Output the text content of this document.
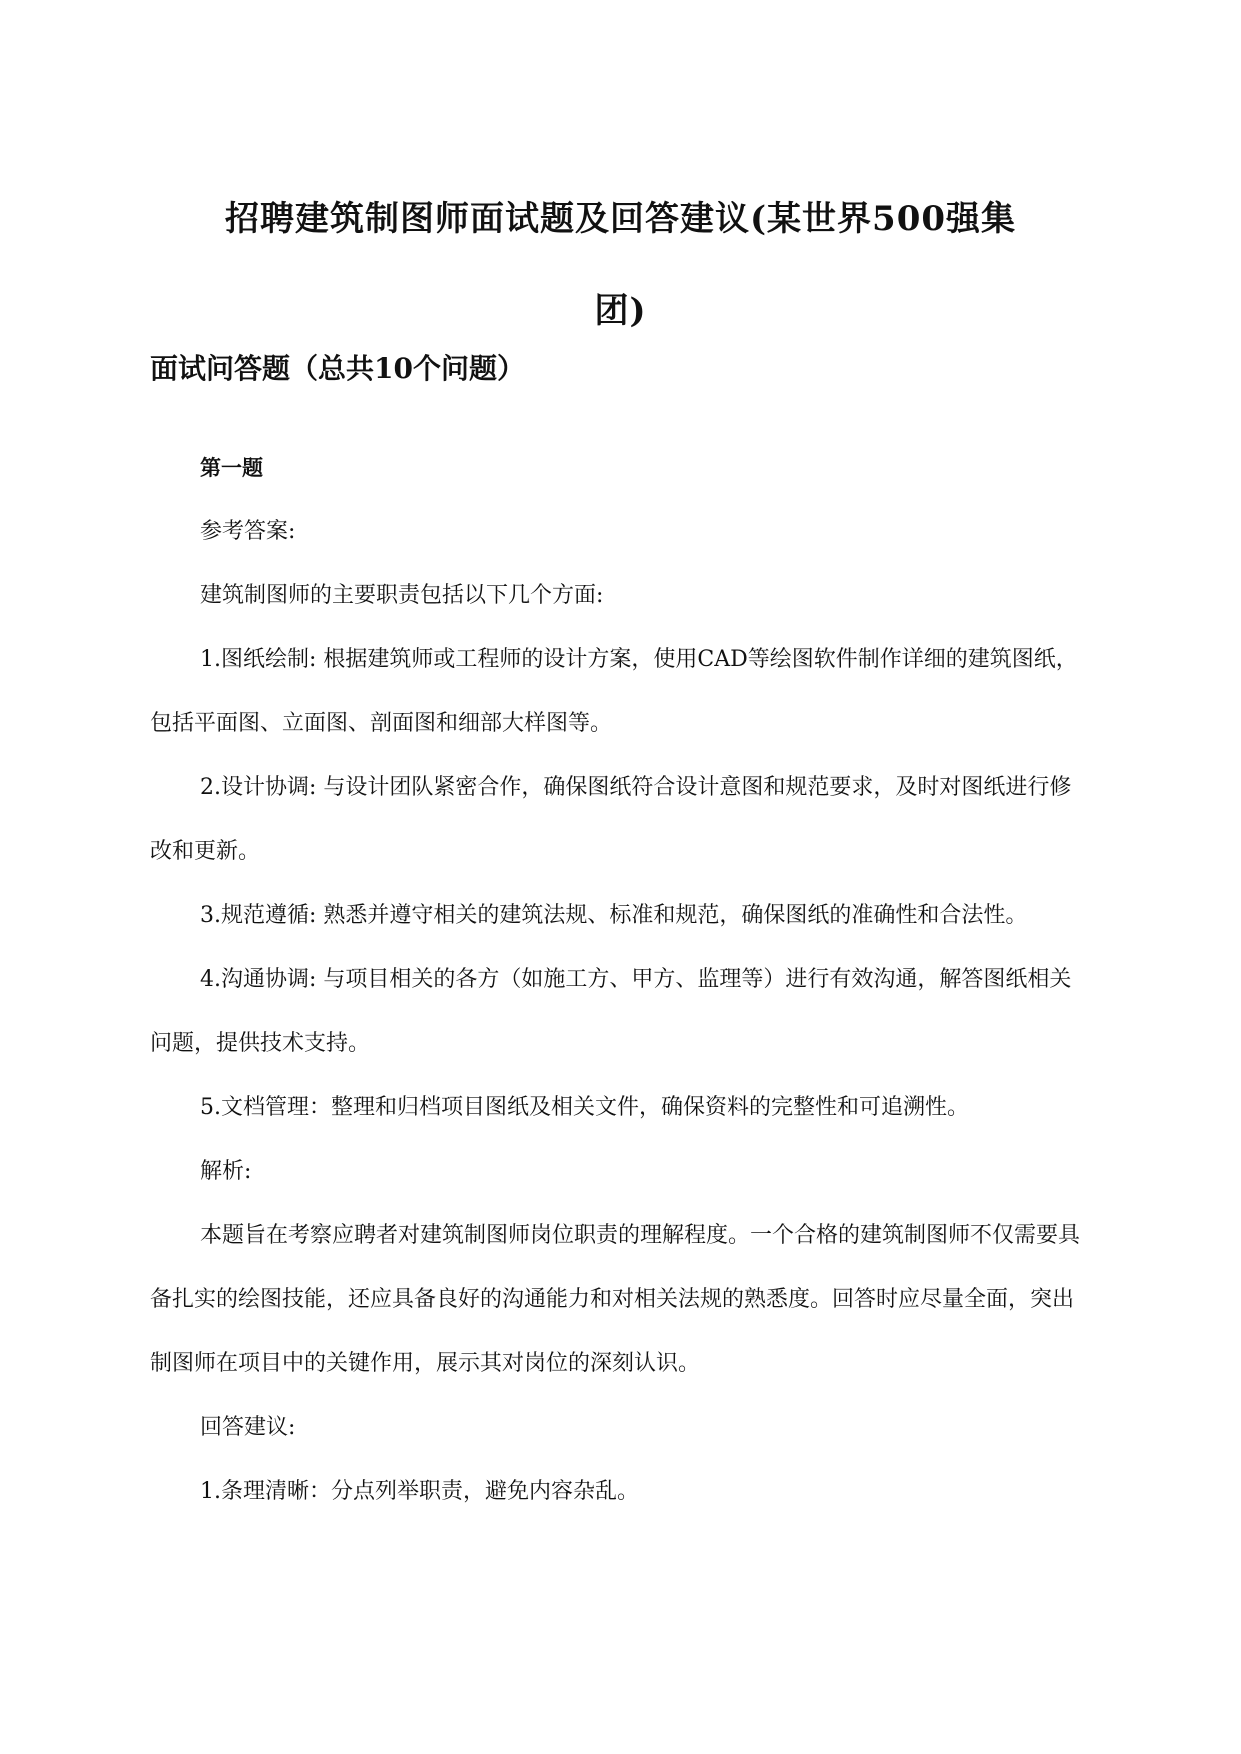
招聘建筑制图师面试题及回答建议(某世界500强集
团)
面试问答题（总共10个问题）

第一题

参考答案:

建筑制图师的主要职责包括以下几个方面:

1.图纸绘制: 根据建筑师或工程师的设计方案，使用CAD等绘图软件制作详细的建筑图纸，包括平面图、立面图、剖面图和细部大样图等。

2.设计协调: 与设计团队紧密合作，确保图纸符合设计意图和规范要求，及时对图纸进行修改和更新。

3.规范遵循: 熟悉并遵守相关的建筑法规、标准和规范，确保图纸的准确性和合法性。

4.沟通协调: 与项目相关的各方（如施工方、甲方、监理等）进行有效沟通，解答图纸相关问题，提供技术支持。

5.文档管理：整理和归档项目图纸及相关文件，确保资料的完整性和可追溯性。

解析:

本题旨在考察应聘者对建筑制图师岗位职责的理解程度。一个合格的建筑制图师不仅需要具备扎实的绘图技能，还应具备良好的沟通能力和对相关法规的熟悉度。回答时应尽量全面，突出制图师在项目中的关键作用，展示其对岗位的深刻认识。

回答建议:

1.条理清晰：分点列举职责，避免内容杂乱。
